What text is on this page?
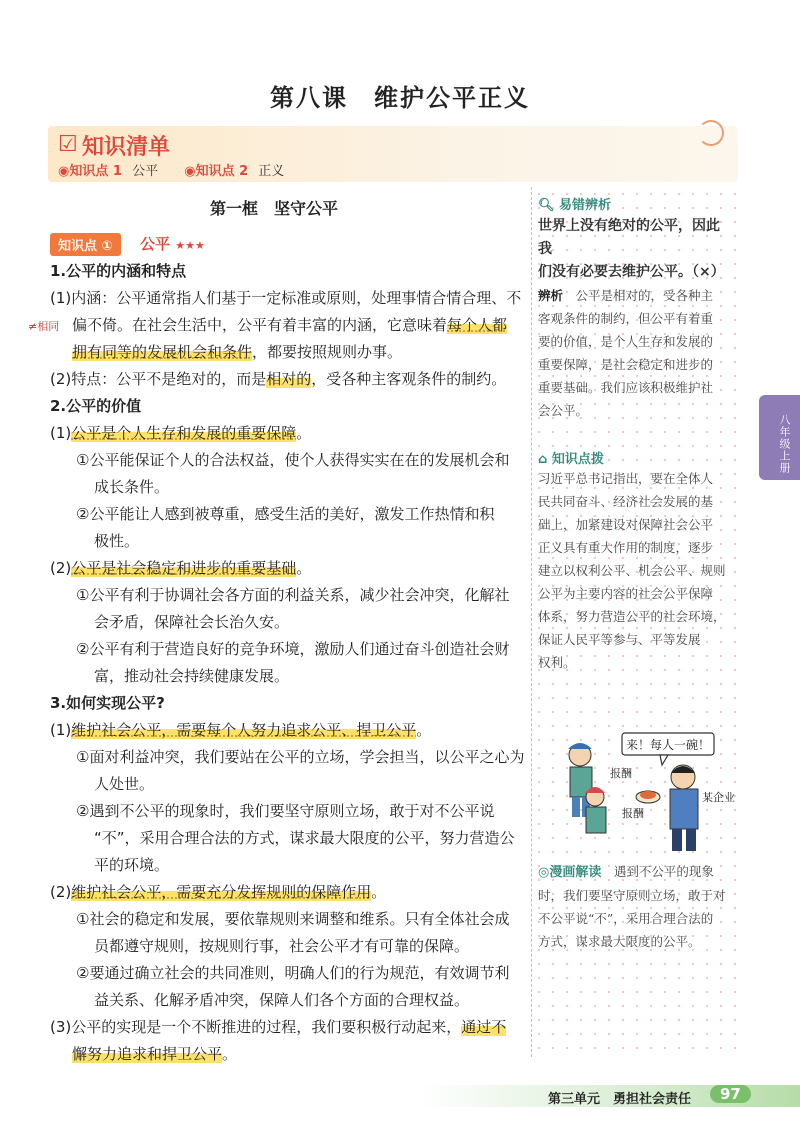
第八课　维护公平正义
☑ 知识清单
◉知识点 1 公平 ◉知识点 2 正义
🔍︎ 易错辨析
世界上没有绝对的公平，因此我
们没有必要去维护公平。（×）
辨析　 公平是相对的，受各种主
客观条件的制约，但公平有着重
要的价值，是个人生存和发展的
重要保障，是社会稳定和进步的
重要基础。我们应该积极维护社
会公平。
⌂ 知识点拨
习近平总书记指出，要在全体人
民共同奋斗、经济社会发展的基
础上，加紧建设对保障社会公平
正义具有重大作用的制度，逐步
建立以权利公平、机会公平、规则
公平为主要内容的社会公平保障
体系，努力营造公平的社会环境，
保证人民平等参与、平等发展
权利。
来！每人一碗！
报酬
报酬
某企业
◎漫画解读　 遇到不公平的现象
时，我们要坚守原则立场，敢于对
不公平说“不”，采用合理合法的
方式，谋求最大限度的公平。
八年级上册
第一框　坚守公平
知识点 ①	公平 ★★★
≠相同
1.公平的内涵和特点
(1)内涵：公平通常指人们基于一定标准或原则，处理事情合情合理、不
偏不倚。在社会生活中，公平有着丰富的内涵，它意味着每个人都
拥有同等的发展机会和条件，都要按照规则办事。
(2)特点：公平不是绝对的，而是相对的，受各种主客观条件的制约。
2.公平的价值
(1)公平是个人生存和发展的重要保障。
①公平能保证个人的合法权益，使个人获得实实在在的发展机会和
成长条件。
②公平能让人感到被尊重，感受生活的美好，激发工作热情和积
极性。
(2)公平是社会稳定和进步的重要基础。
①公平有利于协调社会各方面的利益关系，减少社会冲突，化解社
会矛盾，保障社会长治久安。
②公平有利于营造良好的竞争环境，激励人们通过奋斗创造社会财
富，推动社会持续健康发展。
3.如何实现公平?
(1)维护社会公平，需要每个人努力追求公平、捍卫公平。
①面对利益冲突，我们要站在公平的立场，学会担当，以公平之心为
人处世。
②遇到不公平的现象时，我们要坚守原则立场，敢于对不公平说
“不”，采用合理合法的方式，谋求最大限度的公平，努力营造公
平的环境。
(2)维护社会公平，需要充分发挥规则的保障作用。
①社会的稳定和发展，要依靠规则来调整和维系。只有全体社会成
员都遵守规则，按规则行事，社会公平才有可靠的保障。
②要通过确立社会的共同准则，明确人们的行为规范，有效调节利
益关系、化解矛盾冲突，保障人们各个方面的合理权益。
(3)公平的实现是一个不断推进的过程，我们要积极行动起来，通过不
懈努力追求和捍卫公平。
第三单元　勇担社会责任	97
